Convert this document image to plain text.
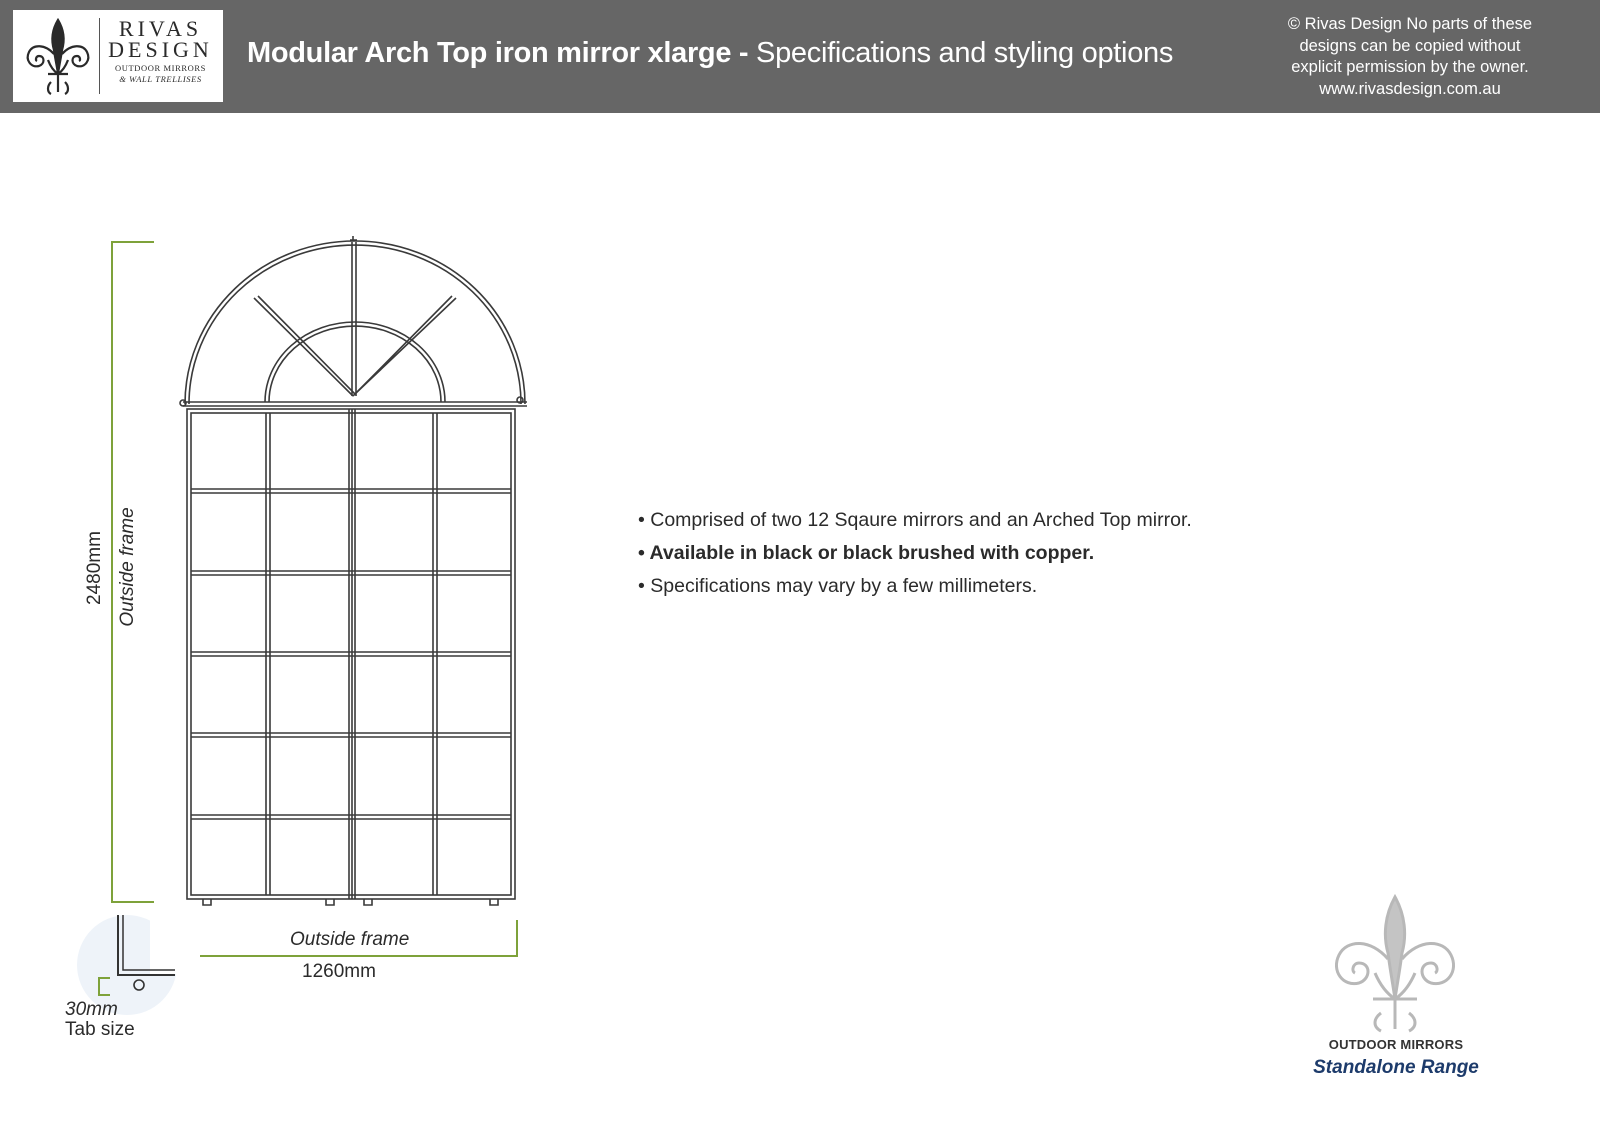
RIVAS
DESIGN
OUTDOOR MIRRORS
& WALL TRELLISES
Modular Arch Top iron mirror xlarge - Specifications and styling options
© Rivas Design No parts of these
designs can be copied without
explicit permission by the owner.
www.rivasdesign.com.au
2480mm Outside frame
Outside frame
1260mm
30mm
Tab size
• Comprised of two 12 Sqaure mirrors and an Arched Top mirror.
• Available in black or black brushed with copper.
• Specifications may vary by a few millimeters.
OUTDOOR MIRRORS
Standalone Range
